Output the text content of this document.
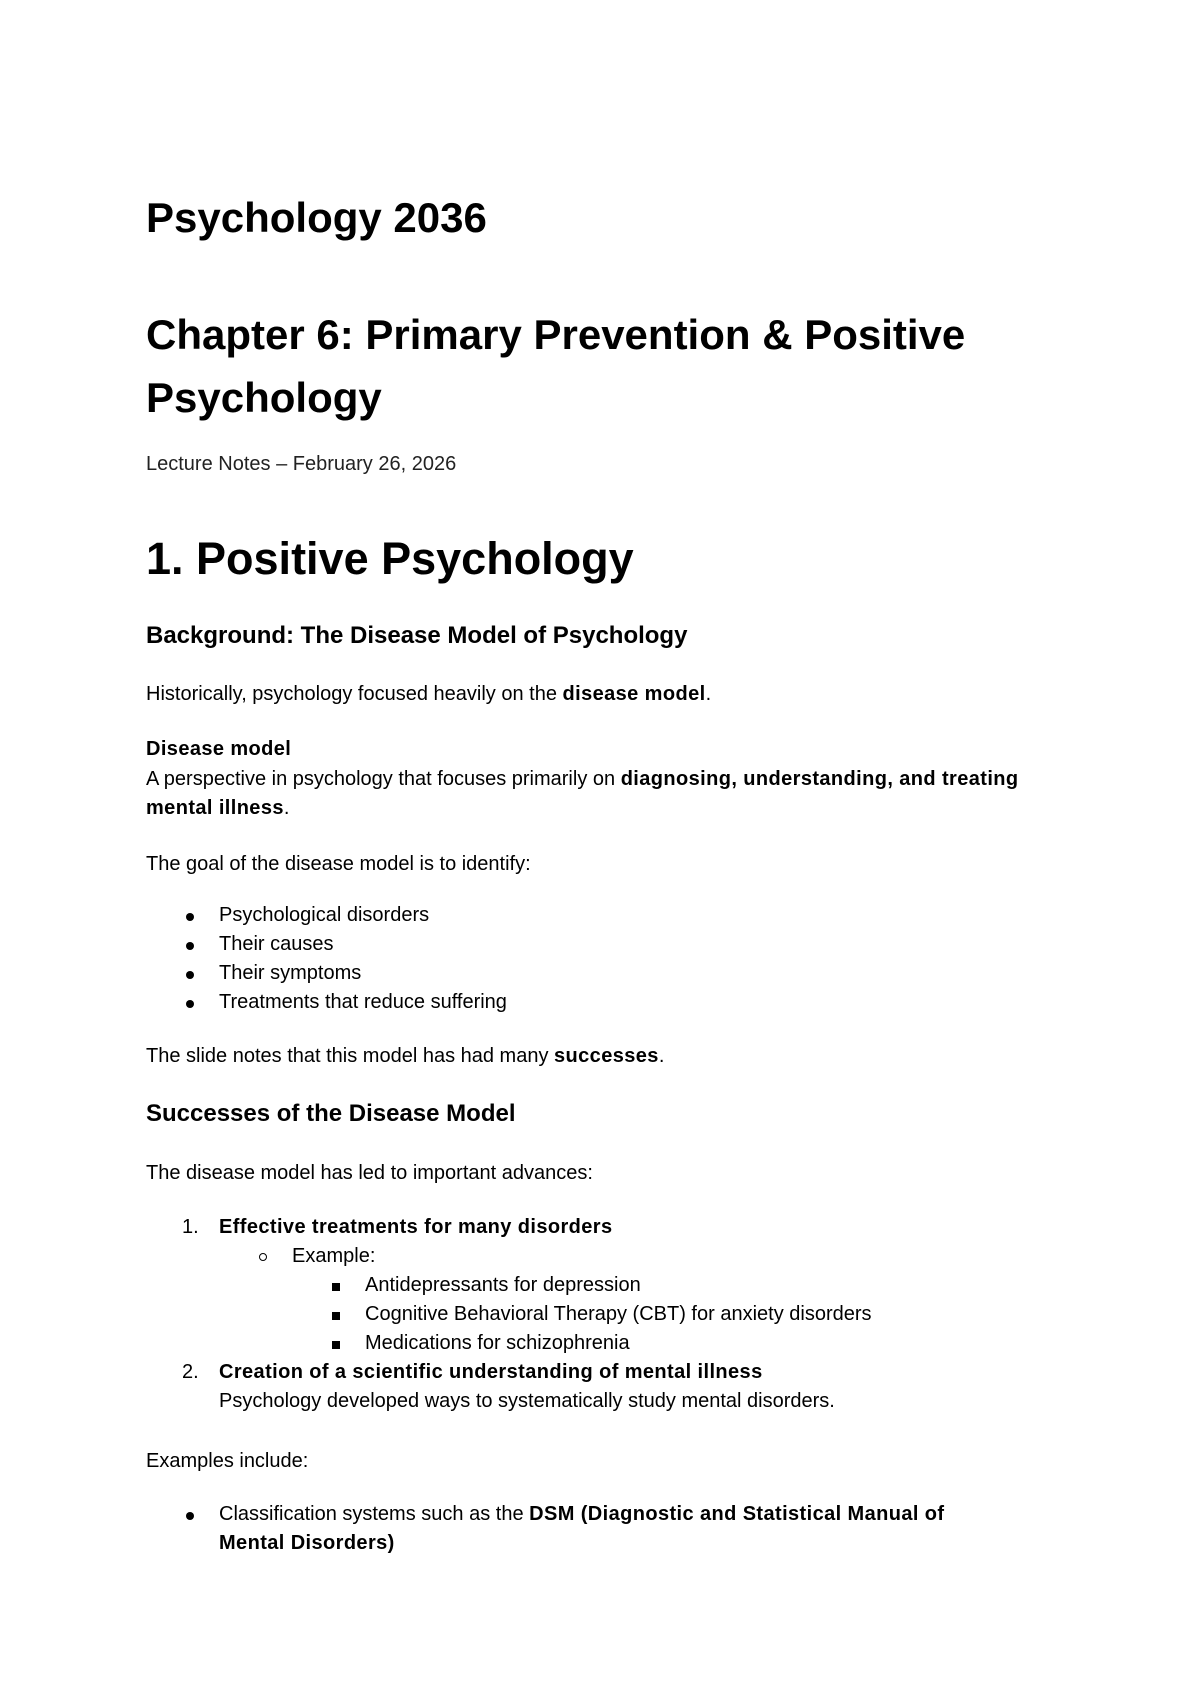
Psychology 2036
Chapter 6: Primary Prevention & Positive Psychology
Lecture Notes – February 26, 2026
1. Positive Psychology
Background: The Disease Model of Psychology
Historically, psychology focused heavily on the disease model.
Disease model
A perspective in psychology that focuses primarily on diagnosing, understanding, and treating mental illness.
The goal of the disease model is to identify:
Psychological disorders
Their causes
Their symptoms
Treatments that reduce suffering
The slide notes that this model has had many successes.
Successes of the Disease Model
The disease model has led to important advances:
1. Effective treatments for many disorders
Example:
Antidepressants for depression
Cognitive Behavioral Therapy (CBT) for anxiety disorders
Medications for schizophrenia
2. Creation of a scientific understanding of mental illness
Psychology developed ways to systematically study mental disorders.
Examples include:
Classification systems such as the DSM (Diagnostic and Statistical Manual of
Mental Disorders)
